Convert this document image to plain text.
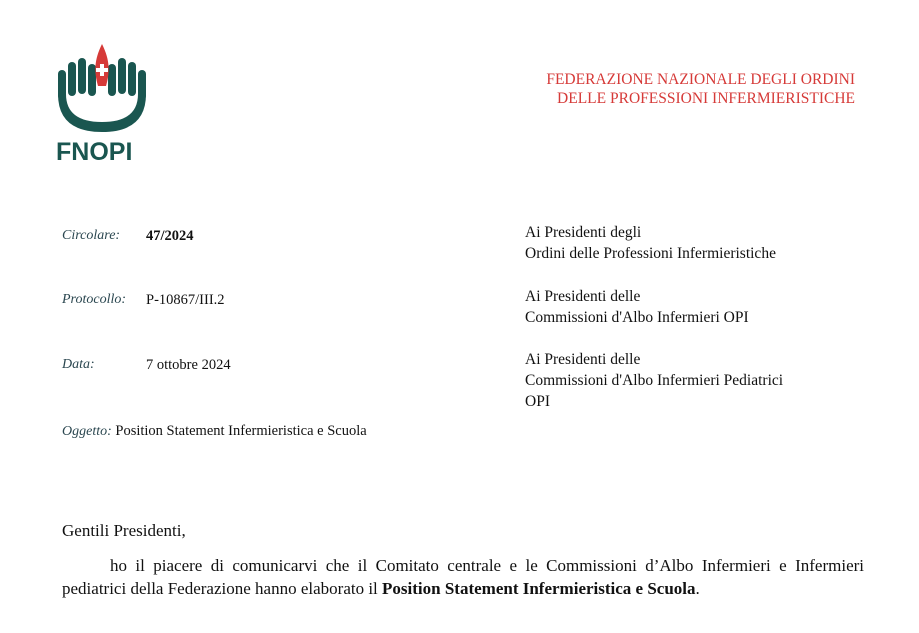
FNOPI
FEDERAZIONE NAZIONALE DEGLI ORDINI
DELLE PROFESSIONI INFERMIERISTICHE
Circolare: 47/2024
Protocollo: P-10867/III.2
Data:	7 ottobre 2024
Ai Presidenti degli
Ordini delle Professioni Infermieristiche
Ai Presidenti delle
Commissioni d'Albo Infermieri OPI
Ai Presidenti delle
Commissioni d'Albo Infermieri Pediatrici
OPI
Oggetto: Position Statement Infermieristica e Scuola
Gentili Presidenti,
ho il piacere di comunicarvi che il Comitato centrale e le Commissioni d’Albo Infermieri e Infermieri pediatrici della Federazione hanno elaborato il Position Statement Infermieristica e Scuola.
